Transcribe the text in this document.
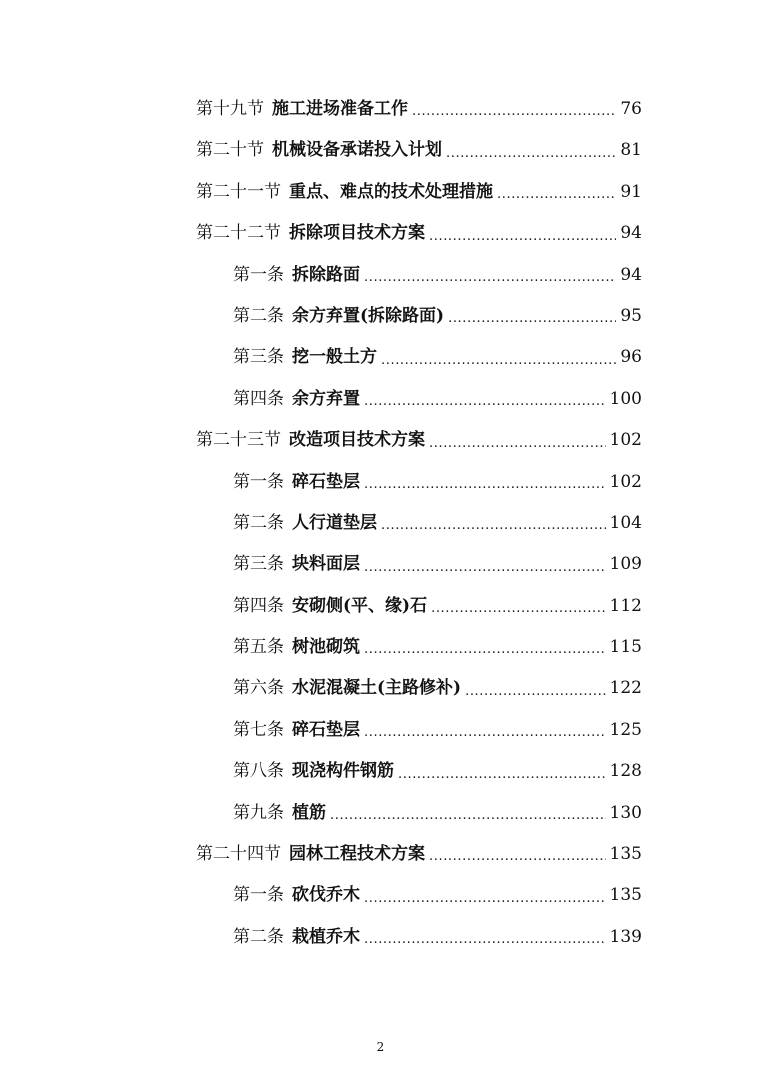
第十九节 施工进场准备工作 .....	76
第二十节 机械设备承诺投入计划 .....	81
第二十一节 重点、难点的技术处理措施 .....	91
第二十二节 拆除项目技术方案 .....	94
第一条 拆除路面 .....	94
第二条 余方弃置(拆除路面) .....	95
第三条 挖一般土方 .....	96
第四条 余方弃置 .....	100
第二十三节 改造项目技术方案 .....	102
第一条 碎石垫层 .....	102
第二条 人行道垫层 .....	104
第三条 块料面层 .....	109
第四条 安砌侧(平、缘)石 .....	112
第五条 树池砌筑 .....	115
第六条 水泥混凝土(主路修补) .....	122
第七条 碎石垫层 .....	125
第八条 现浇构件钢筋 .....	128
第九条 植筋 .....	130
第二十四节 园林工程技术方案 .....	135
第一条 砍伐乔木 .....	135
第二条 栽植乔木 .....	139
2
